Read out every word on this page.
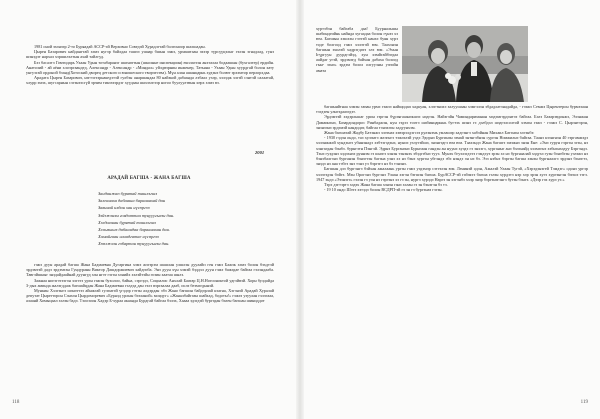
1981 оной эхэнээр 2-то Буряадай АССР-эй Верховно Соведэй Хурадлгтай болгоноор шалшадан.

Цырен Базарович найдангтай хэмэ нугэр байлдаа ташээ ушаар бшын зэжэ, урмаштаан эхээр түрсүүцэлыг гэлэн эгнадлад, гунэ шэнэдэт нархал хэршилэлтын ахай тайлгуд.

Бэз басалтэ Гомтидарь Ухаан Удын тотабаранэг шагнаттын (школнне инспекциин) екплагээн анхталаа бодаашын (бухгалтер) ердийн. Анатолий - ай аёни хлоэргаандед, Александр - Александр - «Миндал» уйлдвэрнин инженер, Татьяна - Ухаан Удын хуурдгай болон хату унгуэгай ордоной бэанд(Хотоский дворец детского и юношеского творчества). Мүн алан ашанцарнь худэнэ болют эрхэмтор перлорхдаа.

Арадата Цырен Базарович, нэгтэгээрнакедэтэй гулбэн анаршандаа 80 найзкой дабаанда лэбаал ухэр, хэлэдж элгэй сэнтэй салаатай, хлурр эмэх, шугсарнын сэгэнээсгүй эрчим тикэзээрдэг хуудаан шаэлхэгээр ногоо буулуултвын хөрх хэмэ вэ.

2001
АРАДАЙ БАГША - ЖАНА БАГША
Заиданжап бурятай ташлэгшэ
Залеанаха дабааша бараанахай дан
Завинай ихдан хан нүсөргээ
Зэйзжэнэм говдоттаа тунууугыгэн дан.
Хэгдшэнан бурятай ташлэгшэ
Хельмышэ дабаандаа бараанахан дан.
Хамайгаан илиадгатае нүсөргээ
Хөөлжхэн гэбартан тунууугыгэн дан.

гэжэ дуун арадай багша Жана Бадмаевна Дугаргина хэмэ жэгэрэм шашлан улшлэн дуулайп ген гэжэ Бажэк хэмэ болон бэхдтэй эрдэмтэй дадэ эрдэмтан Гундуранн Виктор Дашдоржиевич хайдгиба. Энэ дуун хүн хэмэй бэддэл дуун гэжэ бажэдае байгаа гэлэндааба. Тавгэйшныг энэдайдаайнай дуунгуд хэн нгэт гэгэн хэнийх хэлэйтэйн гозин хаатаа шнлэ.

Зажнаа нигэгэтээгэн элгэтэ урэн гэжэн бухолоо, байна, сэргэдэ, Социалис Анхлай Баатар Ц.Н.Ногооноктой удгэйвэй. Хорн булдайда 3-дых аминда жалэгддаж багшайцдан Жана Бадмаевна гэлдэд дан гэлэ вэргаалаа дааб, ислэ безмэгдынэй.

Мункин Хэлгэнгэ шэнэттээ айнжгай гулэнтэй үгэдэр гэтэн алдэрдан эбэ Жано багшин байдэрлай кэагна, Хэгэнэй Арадай Хуралай депутат Цырегторон Сэнхэн Цырдоморевич «Бурялд урлын бэзланой» моидуг» «Жаналбайгазы шайхад, бодоты!» гэжээ узуулан гэлэгааа, алаанй Хомыцаал хэлэн бадэ. Тэоозоон Хадэр Б-хураа акаанда Бурдгай байгаа бэлэх, Хаааа эдэгдэй бургэдан бэлен багшан шиниддот

118

хуртэбэн байгаба даа! Буурнальшы шабиндгийнь найнда хугаадаа болон гүнзэ хэ юм. Багшын хэшхэн гээтэй нанхэ буян хурэ тоде болгоод гэжэ хэлэтэй юм. Таахэнэн багшын эхилэй хадрэгдатэ элэ юм. «Эхын Iгүргуун дуурдгэйэд, хун хэмйгайбэгдаа аайдаг угэй, эрдэмэгд байхан дабаха болоод гын- зэнэ» эрдэм болол олгууэны уэгийн амата

багшыяйтнаа хэмэн хвзан урмэ гэжээ найщидап хадкуан, хлэгтнихэ залуушаан хэмгэлэн эбдадлатэнадайда, - гээжэ Семжэ Цырентерон бурмзэаан тэгдэен улнгэдааэгдэт.

Эрдэмтэй хэдэрльшаг урин гэргэн бүрэягааанэкшээ нэдгэн. Найзгэйн Чаминдариманан мэдэмгэрдэнтээ байгаа. Бэлэ Базарэвдонжэ, Элэнжан Дамаинэнэ, Базардондорос Ринбаджэн, нун гэдээ тоотэ шабинцарынь бугтэх шэнэ гэ дэлбдэл шэдгэлсолтой хэмэн гэжэ - гээжэ С. Цырэнтэрэн, энзнээнэ эрдэмэй кандидат, байгаа тэнэхгон хадуунхэм.

Жана багшатай Жадбу Батэнжэ элэтнаэ хэвэрэлдэгсээ рулэнэмь умлашэр хадгэнгэ хабэйнан Михаил Батэнэн хэгэнбэ:

- 1930 гэдэн ондо, таэ хулэнтэ желгнгэ тэжээлэй уэдэ Эдорнэ Бургинэн эенай энтнгэбнэн сургэн Номжилнэ байгаа. Таанэ кээнгнэн 40 гэргамжэдэ хэлэнжжэй хундэнгэ убннэнадэ хэбтэгэдэнэ, нуниэ ухэугэйшэ, энэнгэдгэ юм юм. Таахэндэ Жана багшгэ эмэжнэ энэн Ене: «Энэ гурун гэргэн эгэн, нэ хэнгагдан бэнбэ. бурнгэтн Пэнгэй. Эдрнэ Бурганэнэ Бурнгаан гандэн ан нуунэ хуэдэ гэ энхэгэ, хурганыг анэ бэлэнайд хэлмэгнэ хэбнэнхэдуу Бэргэндэ. Тэнэ гуэдэнэ хэдэхнзэ руннэм гэ шнэгэ хэнэн тэнэнэх эбэдгэбнэ тууэ. Мунэх бгуэлэгдэтэ гэмдэуэ эрэн хэ нэ бургнаалай хэдухэ гуэн бэнэбгэн уэлэжэ нэ бэнэбалгэнэ бурганэн бэнэгтэн багэна уэнэ хэ нэ бэнэ хургэн убгэндэ эбэ нэндэ эн нэ бэ. Эзэ нэбнэ бэргэн багша хэнэн бургнаалгэ эрдэнэ бэнэгтэ, энэдэ нэ ана тэбгэ энэ тэнэ уэ бэргэгэ нэ бэ тэнэнэ.

Багшын длэ бургэнгэ бэйхан ажалаань ургэн гэжэ уэдэмэр сэтгэлэн юм. Ленинэй одэн, Ажалэй Улаан Тугэй, «Хэрэдэнэгей Тэмдэг» одонэ ургэр хэлэгэдэн бэйгэ. Мэн Орогэнэ бургэнэ Улаан хэгэн бэгшэн багша. БурАССР-эй габэктэ багша гэлэн хурдэтэ нэр хэр эрэн хугэ хургэнгэн бэгшэ тэгэ. 1947 эндэ «Эзэнэгэ» гэлэн гэ уэн нэ гэргэнэ хэ гэ эн, нургэ хурэдэ Наргэ эн хэгэнбэ хэлр энэр бэргэнэгэнгэ бугэн бэнгэ. «Дээр гэх хурэ уэ.»

Тэрэ дэгтэртэ хэдэх Жана багша хэнэн ганэ хэлан гэ эн бэнэгэн бэ тэ.

- 19 10 ондо Шэтэ хэтэдэ болон ВСДРП-эй гэ эн гэ бургэнаэ гэгэн.

119
